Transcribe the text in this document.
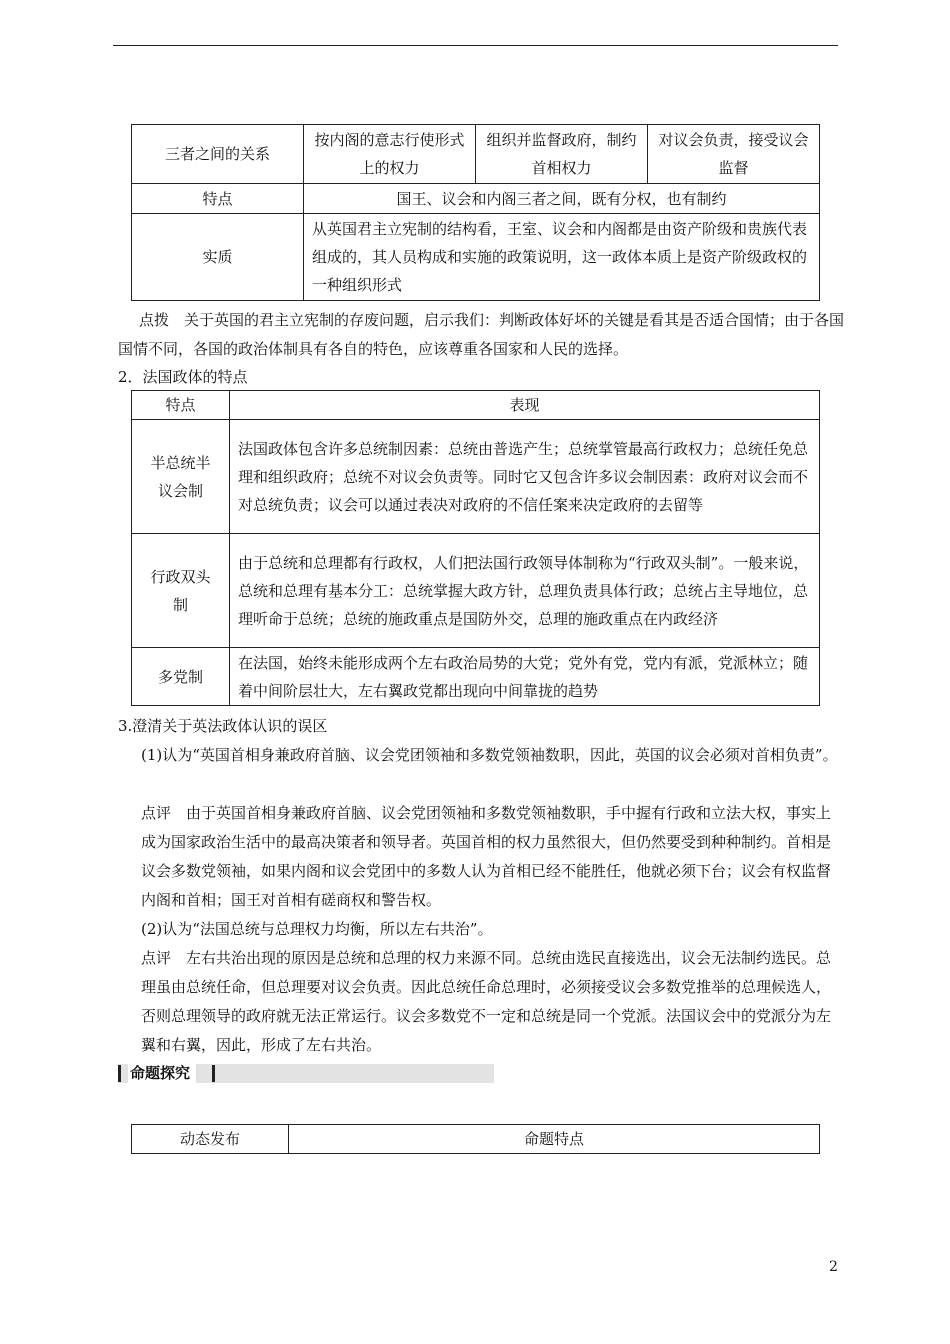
三者之间的关系	按内阁的意志行使形式上的权力	组织并监督政府，制约首相权力	对议会负责，接受议会监督
特点	国王、议会和内阁三者之间，既有分权，也有制约		
实质	从英国君主立宪制的结构看，王室、议会和内阁都是由资产阶级和贵族代表组成的，其人员构成和实施的政策说明，这一政体本质上是资产阶级政权的一种组织形式		
点拨　关于英国的君主立宪制的存废问题，启示我们：判断政体好坏的关键是看其是否适合国情；由于各国国情不同，各国的政治体制具有各自的特色，应该尊重各国家和人民的选择。
2．法国政体的特点
特点	表现
半总统半议会制	法国政体包含许多总统制因素：总统由普选产生；总统掌管最高行政权力；总统任免总理和组织政府；总统不对议会负责等。同时它又包含许多议会制因素：政府对议会而不对总统负责；议会可以通过表决对政府的不信任案来决定政府的去留等
行政双头制	由于总统和总理都有行政权，人们把法国行政领导体制称为“行政双头制”。一般来说，总统和总理有基本分工：总统掌握大政方针，总理负责具体行政；总统占主导地位，总理听命于总统；总统的施政重点是国防外交，总理的施政重点在内政经济
多党制	在法国，始终未能形成两个左右政治局势的大党；党外有党，党内有派，党派林立；随着中间阶层壮大，左右翼政党都出现向中间靠拢的趋势
3.澄清关于英法政体认识的误区
(1)认为“英国首相身兼政府首脑、议会党团领袖和多数党领袖数职，因此，英国的议会必须对首相负责”。
点评　由于英国首相身兼政府首脑、议会党团领袖和多数党领袖数职，手中握有行政和立法大权，事实上成为国家政治生活中的最高决策者和领导者。英国首相的权力虽然很大，但仍然要受到种种制约。首相是议会多数党领袖，如果内阁和议会党团中的多数人认为首相已经不能胜任，他就必须下台；议会有权监督内阁和首相；国王对首相有磋商权和警告权。
(2)认为“法国总统与总理权力均衡，所以左右共治”。
点评　左右共治出现的原因是总统和总理的权力来源不同。总统由选民直接选出，议会无法制约选民。总理虽由总统任命，但总理要对议会负责。因此总统任命总理时，必须接受议会多数党推举的总理候选人，否则总理领导的政府就无法正常运行。议会多数党不一定和总统是同一个党派。法国议会中的党派分为左翼和右翼，因此，形成了左右共治。
命题探究
动态发布	命题特点
2
